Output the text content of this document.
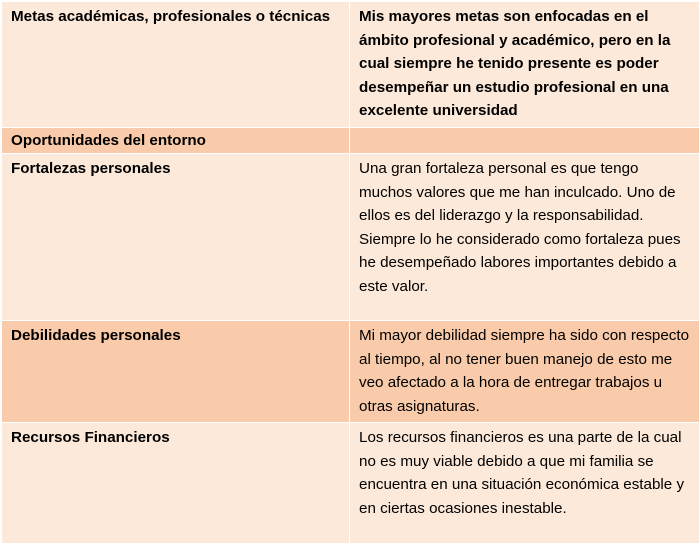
Metas académicas, profesionales o técnicas	Mis mayores metas son enfocadas en el ámbito profesional y académico, pero en la cual siempre he tenido presente es poder desempeñar un estudio profesional en una excelente universidad
Oportunidades del entorno	
Fortalezas personales	Una gran fortaleza personal es que tengo muchos valores que me han inculcado. Uno de ellos es del liderazgo y la responsabilidad. Siempre lo he considerado como fortaleza pues he desempeñado labores importantes debido a este valor.
Debilidades personales	Mi mayor debilidad siempre ha sido con respecto al tiempo, al no tener buen manejo de esto me veo afectado a la hora de entregar trabajos u otras asignaturas.
Recursos Financieros	Los recursos financieros es una parte de la cual no es muy viable debido a que mi familia se encuentra en una situación económica estable y en ciertas ocasiones inestable.
